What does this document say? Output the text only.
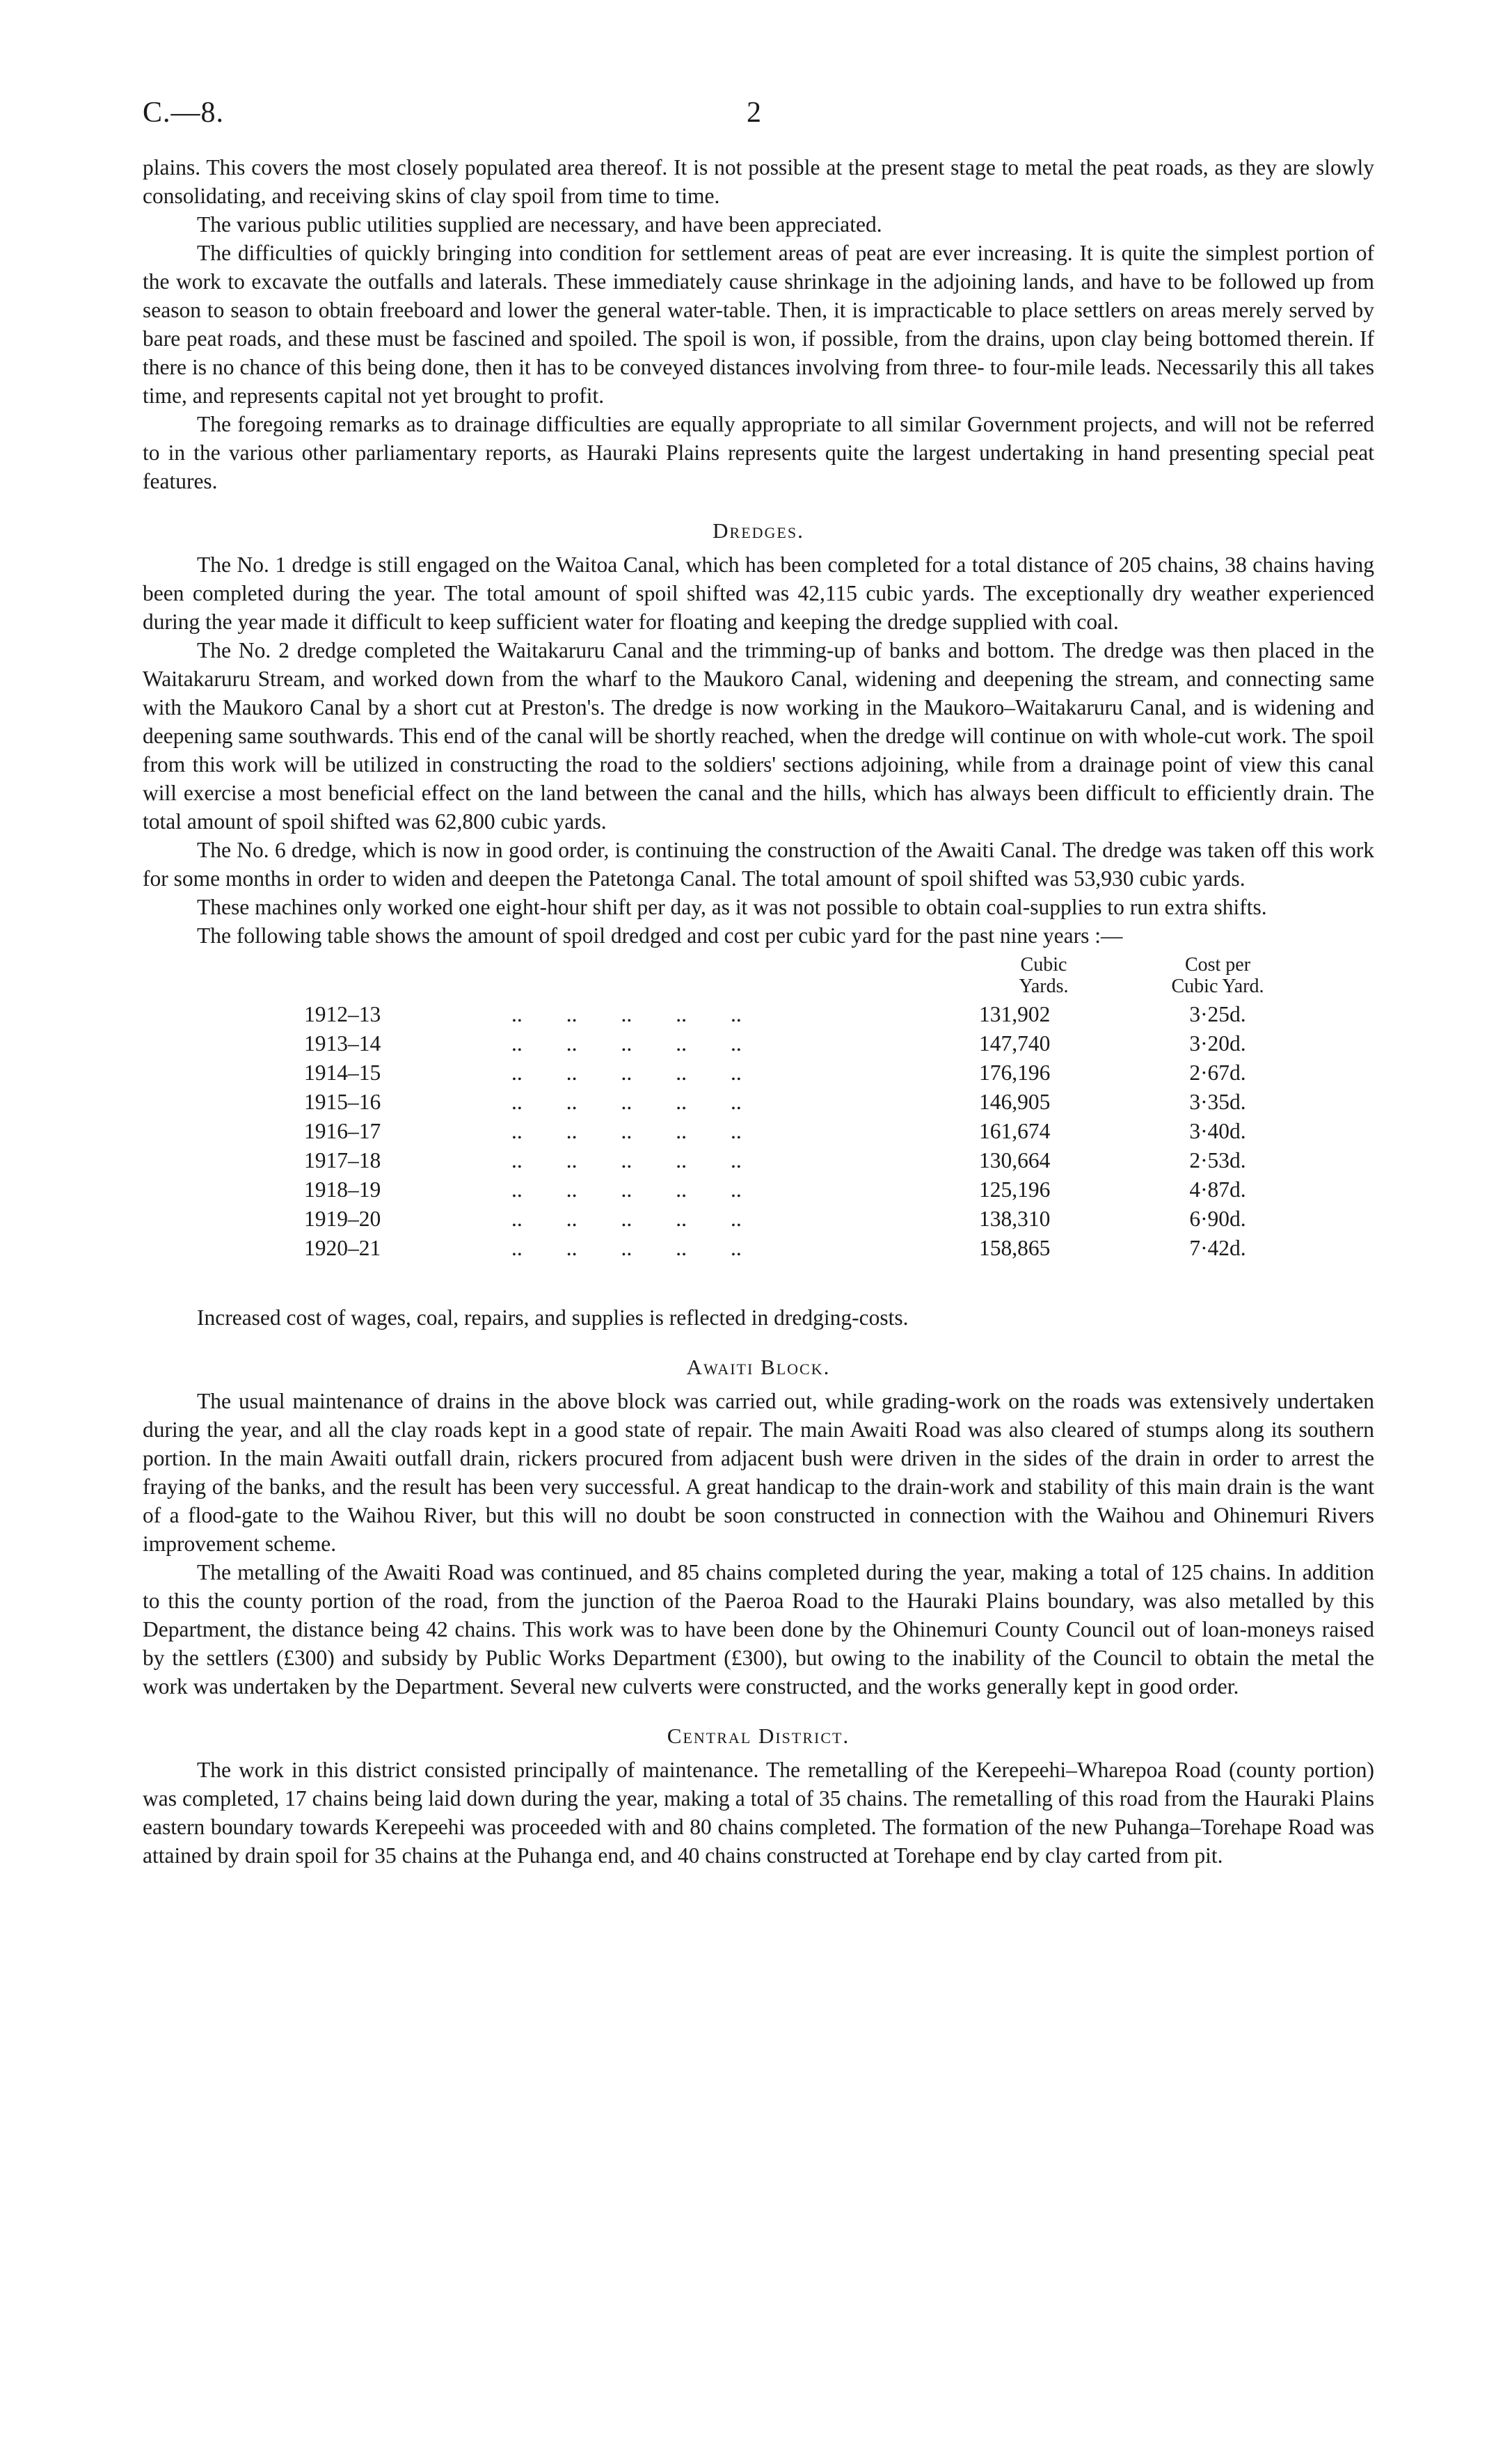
C.—8.	2

plains. This covers the most closely populated area thereof. It is not possible at the present stage to metal the peat roads, as they are slowly consolidating, and receiving skins of clay spoil from time to time.

The various public utilities supplied are necessary, and have been appreciated.

The difficulties of quickly bringing into condition for settlement areas of peat are ever increasing. It is quite the simplest portion of the work to excavate the outfalls and laterals. These immediately cause shrinkage in the adjoining lands, and have to be followed up from season to season to obtain freeboard and lower the general water-table. Then, it is impracticable to place settlers on areas merely served by bare peat roads, and these must be fascined and spoiled. The spoil is won, if possible, from the drains, upon clay being bottomed therein. If there is no chance of this being done, then it has to be conveyed distances involving from three- to four-mile leads. Necessarily this all takes time, and represents capital not yet brought to profit.

The foregoing remarks as to drainage difficulties are equally appropriate to all similar Government projects, and will not be referred to in the various other parliamentary reports, as Hauraki Plains represents quite the largest undertaking in hand presenting special peat features.

Dredges.

The No. 1 dredge is still engaged on the Waitoa Canal, which has been completed for a total distance of 205 chains, 38 chains having been completed during the year. The total amount of spoil shifted was 42,115 cubic yards. The exceptionally dry weather experienced during the year made it difficult to keep sufficient water for floating and keeping the dredge supplied with coal.

The No. 2 dredge completed the Waitakaruru Canal and the trimming-up of banks and bottom. The dredge was then placed in the Waitakaruru Stream, and worked down from the wharf to the Maukoro Canal, widening and deepening the stream, and connecting same with the Maukoro Canal by a short cut at Preston's. The dredge is now working in the Maukoro–Waitakaruru Canal, and is widening and deepening same southwards. This end of the canal will be shortly reached, when the dredge will continue on with whole-cut work. The spoil from this work will be utilized in constructing the road to the soldiers' sections adjoining, while from a drainage point of view this canal will exercise a most beneficial effect on the land between the canal and the hills, which has always been difficult to efficiently drain. The total amount of spoil shifted was 62,800 cubic yards.

The No. 6 dredge, which is now in good order, is continuing the construction of the Awaiti Canal. The dredge was taken off this work for some months in order to widen and deepen the Patetonga Canal. The total amount of spoil shifted was 53,930 cubic yards.

These machines only worked one eight-hour shift per day, as it was not possible to obtain coal-supplies to run extra shifts.

The following table shows the amount of spoil dredged and cost per cubic yard for the past nine years :—

Cubic
Yards.
Cost per
Cubic Yard.
1912–13	..        ..        ..        ..        ..	131,902	3·25d.
1913–14	..        ..        ..        ..        ..	147,740	3·20d.
1914–15	..        ..        ..        ..        ..	176,196	2·67d.
1915–16	..        ..        ..        ..        ..	146,905	3·35d.
1916–17	..        ..        ..        ..        ..	161,674	3·40d.
1917–18	..        ..        ..        ..        ..	130,664	2·53d.
1918–19	..        ..        ..        ..        ..	125,196	4·87d.
1919–20	..        ..        ..        ..        ..	138,310	6·90d.
1920–21	..        ..        ..        ..        ..	158,865	7·42d.

Increased cost of wages, coal, repairs, and supplies is reflected in dredging-costs.

Awaiti Block.

The usual maintenance of drains in the above block was carried out, while grading-work on the roads was extensively undertaken during the year, and all the clay roads kept in a good state of repair. The main Awaiti Road was also cleared of stumps along its southern portion. In the main Awaiti outfall drain, rickers procured from adjacent bush were driven in the sides of the drain in order to arrest the fraying of the banks, and the result has been very successful. A great handicap to the drain-work and stability of this main drain is the want of a flood-gate to the Waihou River, but this will no doubt be soon constructed in connection with the Waihou and Ohinemuri Rivers improvement scheme.

The metalling of the Awaiti Road was continued, and 85 chains completed during the year, making a total of 125 chains. In addition to this the county portion of the road, from the junction of the Paeroa Road to the Hauraki Plains boundary, was also metalled by this Department, the distance being 42 chains. This work was to have been done by the Ohinemuri County Council out of loan-moneys raised by the settlers (£300) and subsidy by Public Works Department (£300), but owing to the inability of the Council to obtain the metal the work was undertaken by the Department. Several new culverts were constructed, and the works generally kept in good order.

Central District.

The work in this district consisted principally of maintenance. The remetalling of the Kerepeehi–Wharepoa Road (county portion) was completed, 17 chains being laid down during the year, making a total of 35 chains. The remetalling of this road from the Hauraki Plains eastern boundary towards Kerepeehi was proceeded with and 80 chains completed. The formation of the new Puhanga–Torehape Road was attained by drain spoil for 35 chains at the Puhanga end, and 40 chains constructed at Torehape end by clay carted from pit.
